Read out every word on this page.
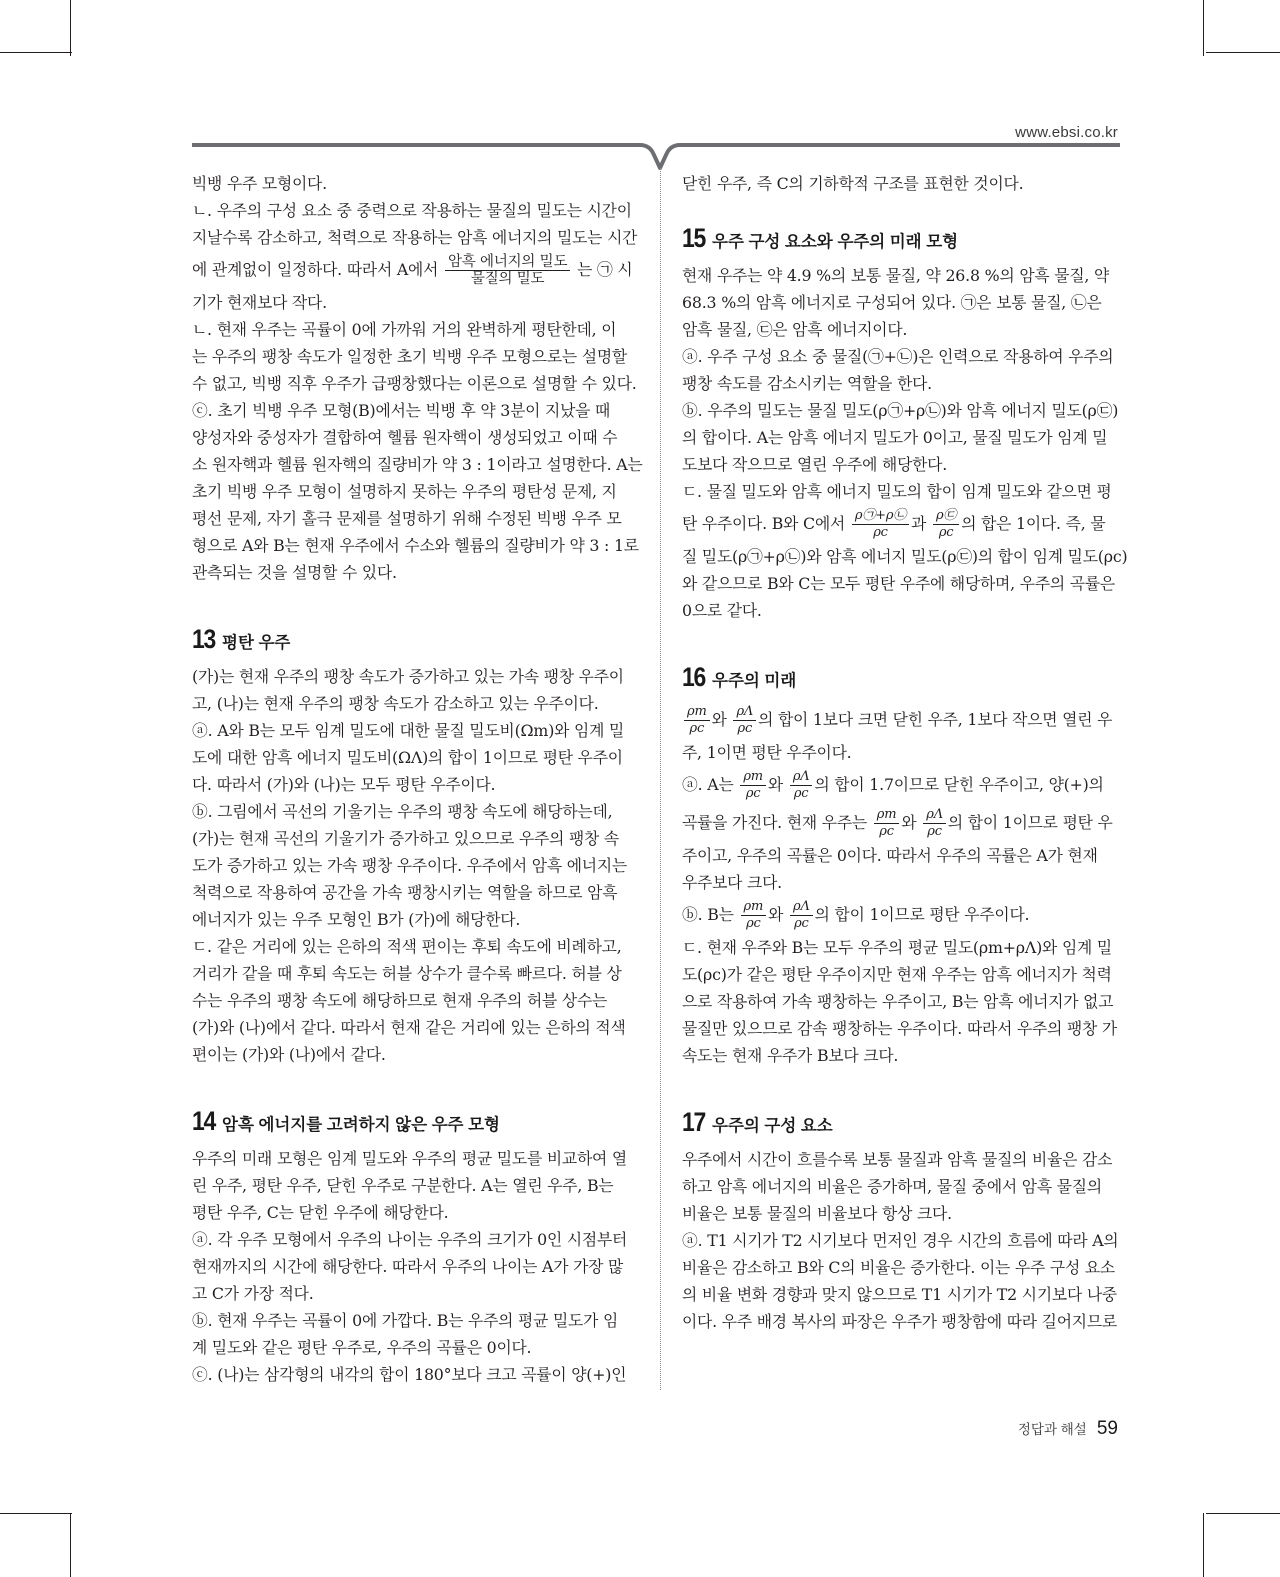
www.ebsi.co.kr

빅뱅 우주 모형이다.

ㄴ. 우주의 구성 요소 중 중력으로 작용하는 물질의 밀도는 시간이

지날수록 감소하고, 척력으로 작용하는 암흑 에너지의 밀도는 시간

에 관계없이 일정하다. 따라서 A에서 $\frac{\text{암흑 에너지의 밀도}}{\text{물질의 밀도}}$ 는 ㉠ 시

기가 현재보다 작다.

ㄴ. 현재 우주는 곡률이 0에 가까워 거의 완벽하게 평탄한데, 이

는 우주의 팽창 속도가 일정한 초기 빅뱅 우주 모형으로는 설명할

수 없고, 빅뱅 직후 우주가 급팽창했다는 이론으로 설명할 수 있다.

ⓒ. 초기 빅뱅 우주 모형(B)에서는 빅뱅 후 약 3분이 지났을 때

양성자와 중성자가 결합하여 헬륨 원자핵이 생성되었고 이때 수

소 원자핵과 헬륨 원자핵의 질량비가 약 3 : 1이라고 설명한다. A는

초기 빅뱅 우주 모형이 설명하지 못하는 우주의 평탄성 문제, 지

평선 문제, 자기 홀극 문제를 설명하기 위해 수정된 빅뱅 우주 모

형으로 A와 B는 현재 우주에서 수소와 헬륨의 질량비가 약 3 : 1로

관측되는 것을 설명할 수 있다.

13 평탄 우주

(가)는 현재 우주의 팽창 속도가 증가하고 있는 가속 팽창 우주이

고, (나)는 현재 우주의 팽창 속도가 감소하고 있는 우주이다.

ⓐ. A와 B는 모두 임계 밀도에 대한 물질 밀도비(Ωm)와 임계 밀

도에 대한 암흑 에너지 밀도비(ΩΛ)의 합이 1이므로 평탄 우주이

다. 따라서 (가)와 (나)는 모두 평탄 우주이다.

ⓑ. 그림에서 곡선의 기울기는 우주의 팽창 속도에 해당하는데,

(가)는 현재 곡선의 기울기가 증가하고 있으므로 우주의 팽창 속

도가 증가하고 있는 가속 팽창 우주이다. 우주에서 암흑 에너지는

척력으로 작용하여 공간을 가속 팽창시키는 역할을 하므로 암흑

에너지가 있는 우주 모형인 B가 (가)에 해당한다.

ㄷ. 같은 거리에 있는 은하의 적색 편이는 후퇴 속도에 비례하고,

거리가 같을 때 후퇴 속도는 허블 상수가 클수록 빠르다. 허블 상

수는 우주의 팽창 속도에 해당하므로 현재 우주의 허블 상수는

(가)와 (나)에서 같다. 따라서 현재 같은 거리에 있는 은하의 적색

편이는 (가)와 (나)에서 같다.

14 암흑 에너지를 고려하지 않은 우주 모형

우주의 미래 모형은 임계 밀도와 우주의 평균 밀도를 비교하여 열

린 우주, 평탄 우주, 닫힌 우주로 구분한다. A는 열린 우주, B는

평탄 우주, C는 닫힌 우주에 해당한다.

ⓐ. 각 우주 모형에서 우주의 나이는 우주의 크기가 0인 시점부터

현재까지의 시간에 해당한다. 따라서 우주의 나이는 A가 가장 많

고 C가 가장 적다.

ⓑ. 현재 우주는 곡률이 0에 가깝다. B는 우주의 평균 밀도가 임

계 밀도와 같은 평탄 우주로, 우주의 곡률은 0이다.

ⓒ. (나)는 삼각형의 내각의 합이 180°보다 크고 곡률이 양(+)인

닫힌 우주, 즉 C의 기하학적 구조를 표현한 것이다.

15 우주 구성 요소와 우주의 미래 모형

현재 우주는 약 4.9 %의 보통 물질, 약 26.8 %의 암흑 물질, 약

68.3 %의 암흑 에너지로 구성되어 있다. ㉠은 보통 물질, ㉡은

암흑 물질, ㉢은 암흑 에너지이다.

ⓐ. 우주 구성 요소 중 물질(㉠+㉡)은 인력으로 작용하여 우주의

팽창 속도를 감소시키는 역할을 한다.

ⓑ. 우주의 밀도는 물질 밀도(ρ㉠+ρ㉡)와 암흑 에너지 밀도(ρ㉢)

의 합이다. A는 암흑 에너지 밀도가 0이고, 물질 밀도가 임계 밀

도보다 작으므로 열린 우주에 해당한다.

ㄷ. 물질 밀도와 암흑 에너지 밀도의 합이 임계 밀도와 같으면 평

탄 우주이다. B와 C에서 $\frac{\rho㉠+\rho㉡}{\rho c}$ 과 $\frac{\rho㉢}{\rho c}$ 의 합은 1이다. 즉, 물

질 밀도(ρ㉠+ρ㉡)와 암흑 에너지 밀도(ρ㉢)의 합이 임계 밀도(ρc)

와 같으므로 B와 C는 모두 평탄 우주에 해당하며, 우주의 곡률은

0으로 같다.

16 우주의 미래

$\frac{\rho m}{\rho c}$ 와 $\frac{\rho\Lambda}{\rho c}$ 의 합이 1보다 크면 닫힌 우주, 1보다 작으면 열린 우

주, 1이면 평탄 우주이다.

ⓐ. A는 $\frac{\rho m}{\rho c}$ 와 $\frac{\rho\Lambda}{\rho c}$ 의 합이 1.7이므로 닫힌 우주이고, 양(+)의

곡률을 가진다. 현재 우주는 $\frac{\rho m}{\rho c}$ 와 $\frac{\rho\Lambda}{\rho c}$ 의 합이 1이므로 평탄 우

주이고, 우주의 곡률은 0이다. 따라서 우주의 곡률은 A가 현재

우주보다 크다.

ⓑ. B는 $\frac{\rho m}{\rho c}$ 와 $\frac{\rho\Lambda}{\rho c}$ 의 합이 1이므로 평탄 우주이다.

ㄷ. 현재 우주와 B는 모두 우주의 평균 밀도(ρm+ρΛ)와 임계 밀

도(ρc)가 같은 평탄 우주이지만 현재 우주는 암흑 에너지가 척력

으로 작용하여 가속 팽창하는 우주이고, B는 암흑 에너지가 없고

물질만 있으므로 감속 팽창하는 우주이다. 따라서 우주의 팽창 가

속도는 현재 우주가 B보다 크다.

17 우주의 구성 요소

우주에서 시간이 흐를수록 보통 물질과 암흑 물질의 비율은 감소

하고 암흑 에너지의 비율은 증가하며, 물질 중에서 암흑 물질의

비율은 보통 물질의 비율보다 항상 크다.

ⓐ. T1 시기가 T2 시기보다 먼저인 경우 시간의 흐름에 따라 A의

비율은 감소하고 B와 C의 비율은 증가한다. 이는 우주 구성 요소

의 비율 변화 경향과 맞지 않으므로 T1 시기가 T2 시기보다 나중

이다. 우주 배경 복사의 파장은 우주가 팽창함에 따라 길어지므로

정답과 해설 59
